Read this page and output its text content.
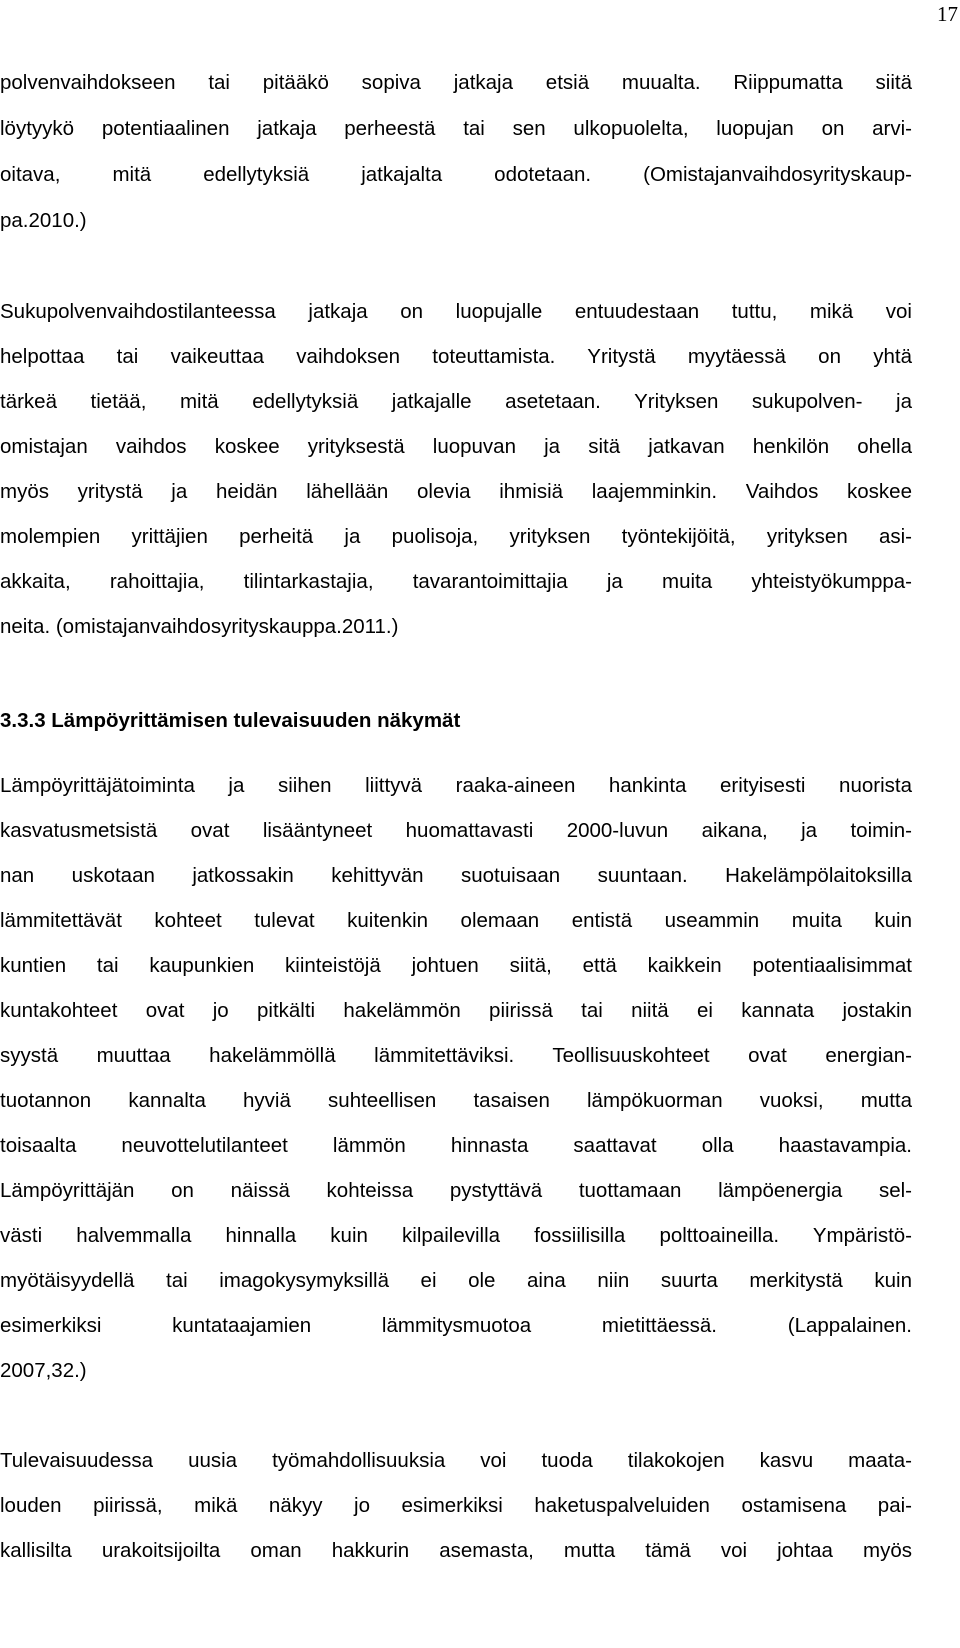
17
polvenvaihdokseen tai pitääkö sopiva jatkaja etsiä muualta. Riippumatta siitä
löytyykö potentiaalinen jatkaja perheestä tai sen ulkopuolelta, luopujan on arvi-
oitava, mitä edellytyksiä jatkajalta odotetaan. (Omistajanvaihdosyrityskaup-
pa.2010.)
Sukupolvenvaihdostilanteessa jatkaja on luopujalle entuudestaan tuttu, mikä voi
helpottaa tai vaikeuttaa vaihdoksen toteuttamista. Yritystä myytäessä on yhtä
tärkeä tietää, mitä edellytyksiä jatkajalle asetetaan. Yrityksen sukupolven- ja
omistajan vaihdos koskee yrityksestä luopuvan ja sitä jatkavan henkilön ohella
myös yritystä ja heidän lähellään olevia ihmisiä laajemminkin. Vaihdos koskee
molempien yrittäjien perheitä ja puolisoja, yrityksen työntekijöitä, yrityksen asi-
akkaita, rahoittajia, tilintarkastajia, tavarantoimittajia ja muita yhteistyökumppa-
neita. (omistajanvaihdosyrityskauppa.2011.)
3.3.3 Lämpöyrittämisen tulevaisuuden näkymät
Lämpöyrittäjätoiminta ja siihen liittyvä raaka-aineen hankinta erityisesti nuorista
kasvatusmetsistä ovat lisääntyneet huomattavasti 2000-luvun aikana, ja toimin-
nan uskotaan jatkossakin kehittyvän suotuisaan suuntaan. Hakelämpölaitoksilla
lämmitettävät kohteet tulevat kuitenkin olemaan entistä useammin muita kuin
kuntien tai kaupunkien kiinteistöjä johtuen siitä, että kaikkein potentiaalisimmat
kuntakohteet ovat jo pitkälti hakelämmön piirissä tai niitä ei kannata jostakin
syystä muuttaa hakelämmöllä lämmitettäviksi. Teollisuuskohteet ovat energian-
tuotannon kannalta hyviä suhteellisen tasaisen lämpökuorman vuoksi, mutta
toisaalta neuvottelutilanteet lämmön hinnasta saattavat olla haastavampia.
Lämpöyrittäjän on näissä kohteissa pystyttävä tuottamaan lämpöenergia sel-
västi halvemmalla hinnalla kuin kilpailevilla fossiilisilla polttoaineilla. Ympäristö-
myötäisyydellä tai imagokysymyksillä ei ole aina niin suurta merkitystä kuin
esimerkiksi kuntataajamien lämmitysmuotoa mietittäessä. (Lappalainen.
2007,32.)
Tulevaisuudessa uusia työmahdollisuuksia voi tuoda tilakokojen kasvu maata-
louden piirissä, mikä näkyy jo esimerkiksi haketuspalveluiden ostamisena pai-
kallisilta urakoitsijoilta oman hakkurin asemasta, mutta tämä voi johtaa myös
